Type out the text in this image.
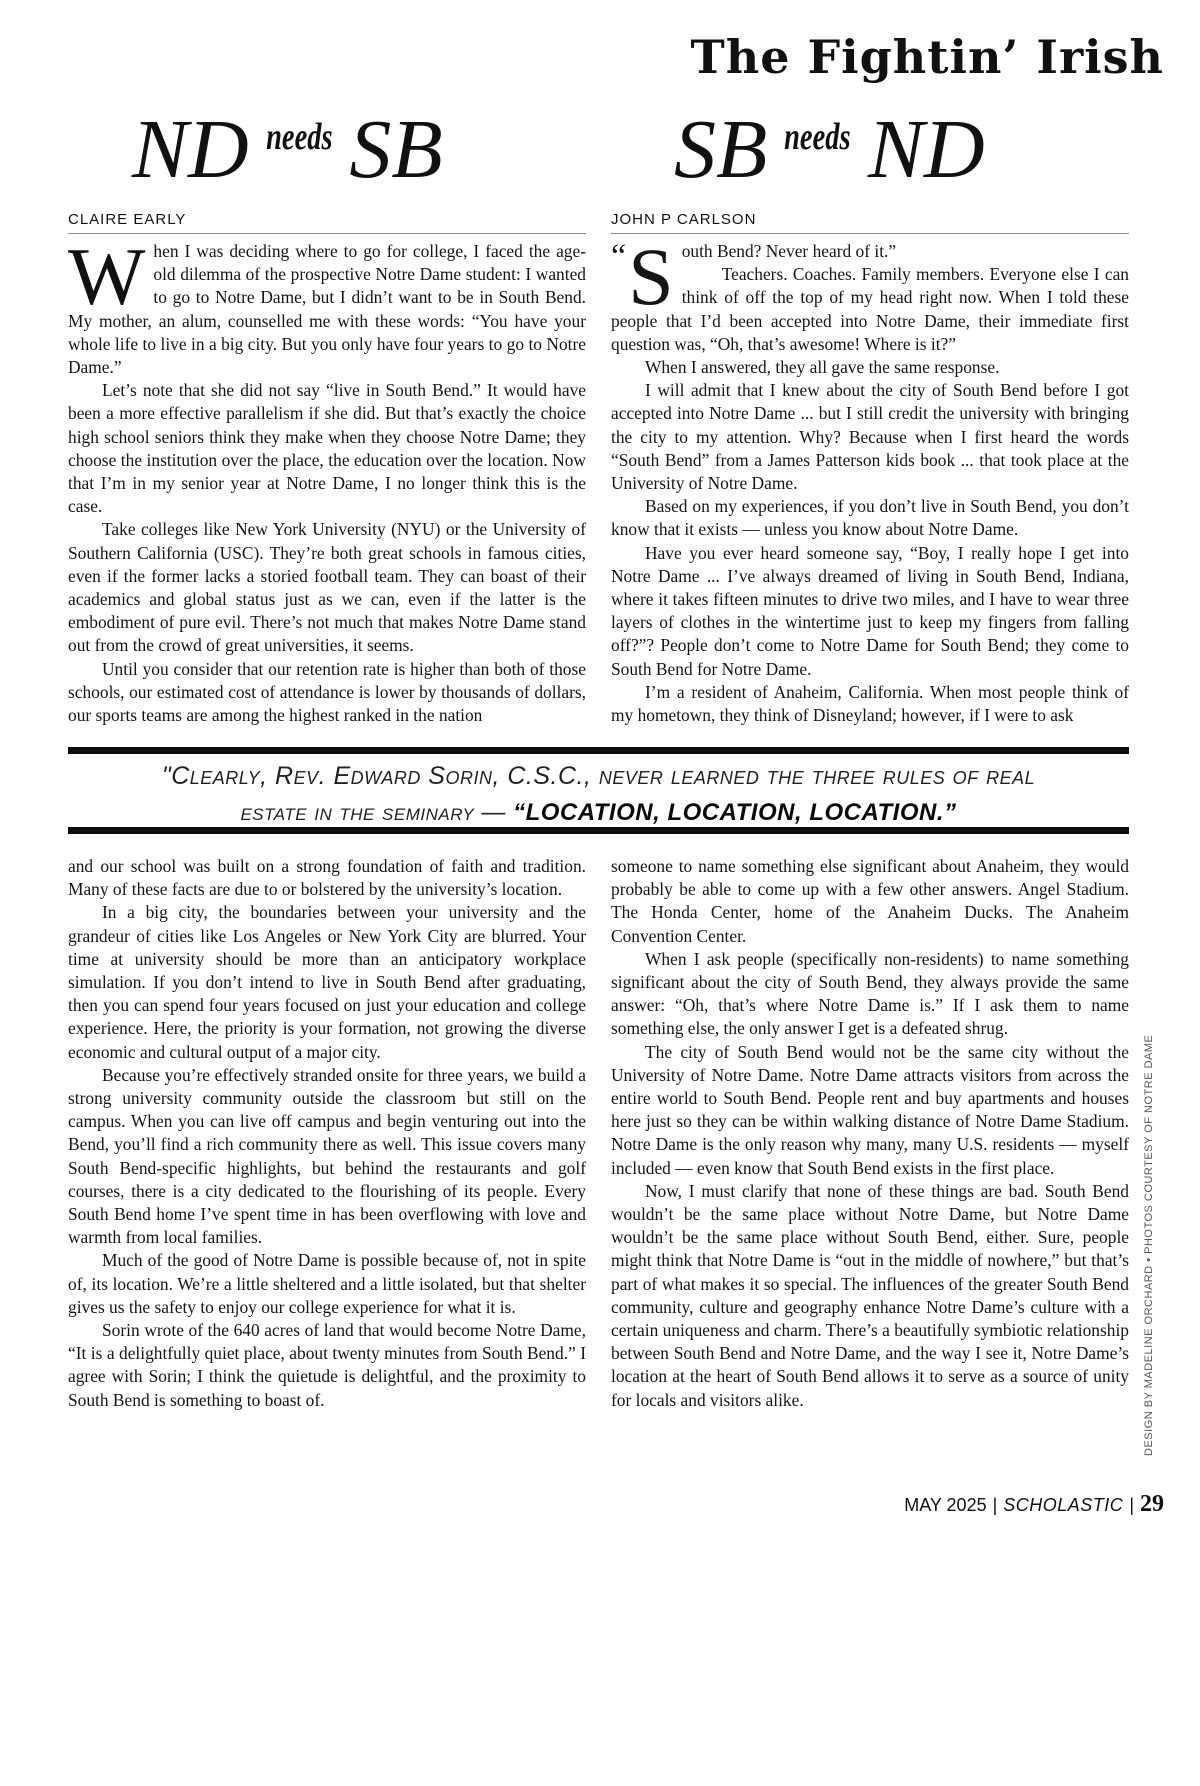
The Fightin’ Irish
ND needs SB	SB needs ND
CLAIRE EARLY	JOHN P CARLSON

When I was deciding where to go for college, I faced the age-old dilemma of the prospective Notre Dame student: I wanted to go to Notre Dame, but I didn’t want to be in South Bend. My mother, an alum, counselled me with these words: “You have your whole life to live in a big city. But you only have four years to go to Notre Dame.”

Let’s note that she did not say “live in South Bend.” It would have been a more effective parallelism if she did. But that’s exactly the choice high school seniors think they make when they choose Notre Dame; they choose the institution over the place, the education over the location. Now that I’m in my senior year at Notre Dame, I no longer think this is the case.

Take colleges like New York University (NYU) or the University of Southern California (USC). They’re both great schools in famous cities, even if the former lacks a storied football team. They can boast of their academics and global status just as we can, even if the latter is the embodiment of pure evil. There’s not much that makes Notre Dame stand out from the crowd of great universities, it seems.

Until you consider that our retention rate is higher than both of those schools, our estimated cost of attendance is lower by thousands of dollars, our sports teams are among the highest ranked in the nation

“ S outh Bend? Never heard of it.”
Teachers. Coaches. Family members. Everyone else I can think of off the top of my head right now. When I told these people that I’d been accepted into Notre Dame, their immediate first question was, “Oh, that’s awesome! Where is it?”

When I answered, they all gave the same response.

I will admit that I knew about the city of South Bend before I got accepted into Notre Dame ... but I still credit the university with bringing the city to my attention. Why? Because when I first heard the words “South Bend” from a James Patterson kids book ... that took place at the University of Notre Dame.

Based on my experiences, if you don’t live in South Bend, you don’t know that it exists — unless you know about Notre Dame.

Have you ever heard someone say, “Boy, I really hope I get into Notre Dame ... I’ve always dreamed of living in South Bend, Indiana, where it takes fifteen minutes to drive two miles, and I have to wear three layers of clothes in the wintertime just to keep my fingers from falling off?”? People don’t come to Notre Dame for South Bend; they come to South Bend for Notre Dame.

I’m a resident of Anaheim, California. When most people think of my hometown, they think of Disneyland; however, if I were to ask

"Clearly, Rev. Edward Sorin, C.S.C., never learned the three rules of real
estate in the seminary — “LOCATION, LOCATION, LOCATION.”

and our school was built on a strong foundation of faith and tradition. Many of these facts are due to or bolstered by the university’s location.

In a big city, the boundaries between your university and the grandeur of cities like Los Angeles or New York City are blurred. Your time at university should be more than an anticipatory workplace simulation. If you don’t intend to live in South Bend after graduating, then you can spend four years focused on just your education and college experience. Here, the priority is your formation, not growing the diverse economic and cultural output of a major city.

Because you’re effectively stranded onsite for three years, we build a strong university community outside the classroom but still on the campus. When you can live off campus and begin venturing out into the Bend, you’ll find a rich community there as well. This issue covers many South Bend-specific highlights, but behind the restaurants and golf courses, there is a city dedicated to the flourishing of its people. Every South Bend home I’ve spent time in has been overflowing with love and warmth from local families.

Much of the good of Notre Dame is possible because of, not in spite of, its location. We’re a little sheltered and a little isolated, but that shelter gives us the safety to enjoy our college experience for what it is.

Sorin wrote of the 640 acres of land that would become Notre Dame, “It is a delightfully quiet place, about twenty minutes from South Bend.” I agree with Sorin; I think the quietude is delightful, and the proximity to South Bend is something to boast of.

someone to name something else significant about Anaheim, they would probably be able to come up with a few other answers. Angel Stadium. The Honda Center, home of the Anaheim Ducks. The Anaheim Convention Center.

When I ask people (specifically non-residents) to name something significant about the city of South Bend, they always provide the same answer: “Oh, that’s where Notre Dame is.” If I ask them to name something else, the only answer I get is a defeated shrug.

The city of South Bend would not be the same city without the University of Notre Dame. Notre Dame attracts visitors from across the entire world to South Bend. People rent and buy apartments and houses here just so they can be within walking distance of Notre Dame Stadium. Notre Dame is the only reason why many, many U.S. residents — myself included — even know that South Bend exists in the first place.

Now, I must clarify that none of these things are bad. South Bend wouldn’t be the same place without Notre Dame, but Notre Dame wouldn’t be the same place without South Bend, either. Sure, people might think that Notre Dame is “out in the middle of nowhere,” but that’s part of what makes it so special. The influences of the greater South Bend community, culture and geography enhance Notre Dame’s culture with a certain uniqueness and charm. There’s a beautifully symbiotic relationship between South Bend and Notre Dame, and the way I see it, Notre Dame’s location at the heart of South Bend allows it to serve as a source of unity for locals and visitors alike.	DESIGN BY MADELINE ORCHARD • PHOTOS COURTESY OF NOTRE DAME
MAY 2025 | SCHOLASTIC | 29
